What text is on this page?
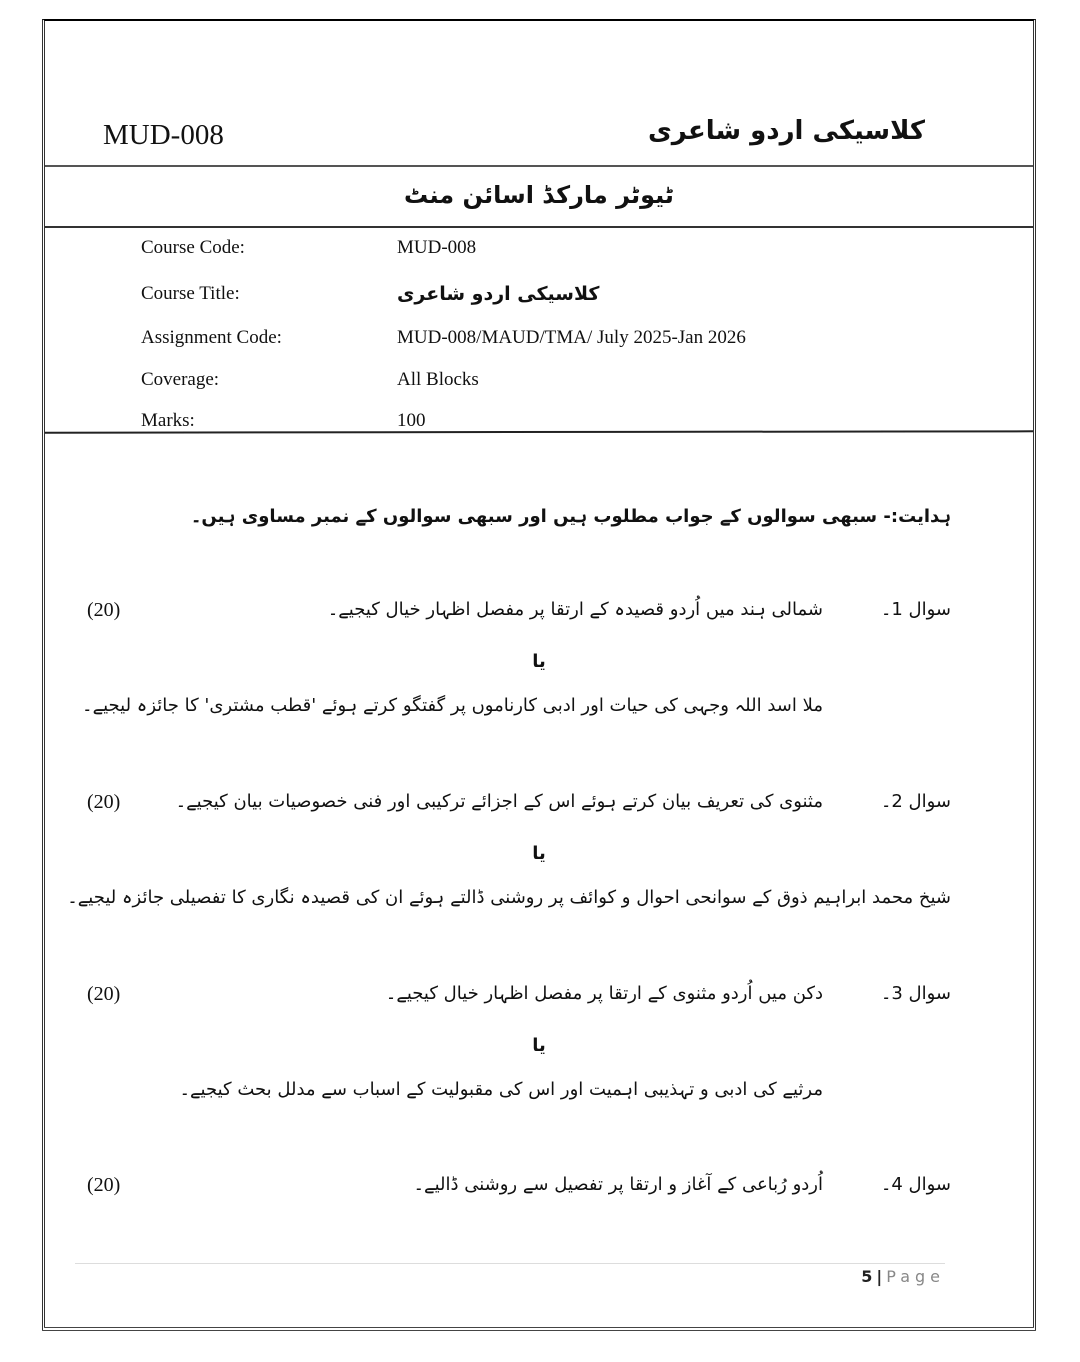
MUD-008	کلاسیکی اردو شاعری
ٹیوٹر مارکڈ اسائن منٹ
Course Code:	MUD-008
Course Title:	کلاسیکی اردو شاعری
Assignment Code:	MUD-008/MAUD/TMA/ July 2025-Jan 2026
Coverage:	All Blocks
Marks:	100
ہدایت:- سبھی سوالوں کے جواب مطلوب ہیں اور سبھی سوالوں کے نمبر مساوی ہیں۔
سوال 1۔
شمالی ہند میں اُردو قصیدہ کے ارتقا پر مفصل اظہار خیال کیجیے۔
(20)
یا
ملا اسد اللہ وجہی کی حیات اور ادبی کارناموں پر گفتگو کرتے ہوئے 'قطب مشتری' کا جائزہ لیجیے۔
سوال 2۔
مثنوی کی تعریف بیان کرتے ہوئے اس کے اجزائے ترکیبی اور فنی خصوصیات بیان کیجیے۔
(20)
یا
شیخ محمد ابراہیم ذوق کے سوانحی احوال و کوائف پر روشنی ڈالتے ہوئے ان کی قصیدہ نگاری کا تفصیلی جائزہ لیجیے۔
سوال 3۔
دکن میں اُردو مثنوی کے ارتقا پر مفصل اظہار خیال کیجیے۔
(20)
یا
مرثیے کی ادبی و تہذیبی اہمیت اور اس کی مقبولیت کے اسباب سے مدلل بحث کیجیے۔
سوال 4۔
اُردو رُباعی کے آغاز و ارتقا پر تفصیل سے روشنی ڈالیے۔
(20)
5 | Page
